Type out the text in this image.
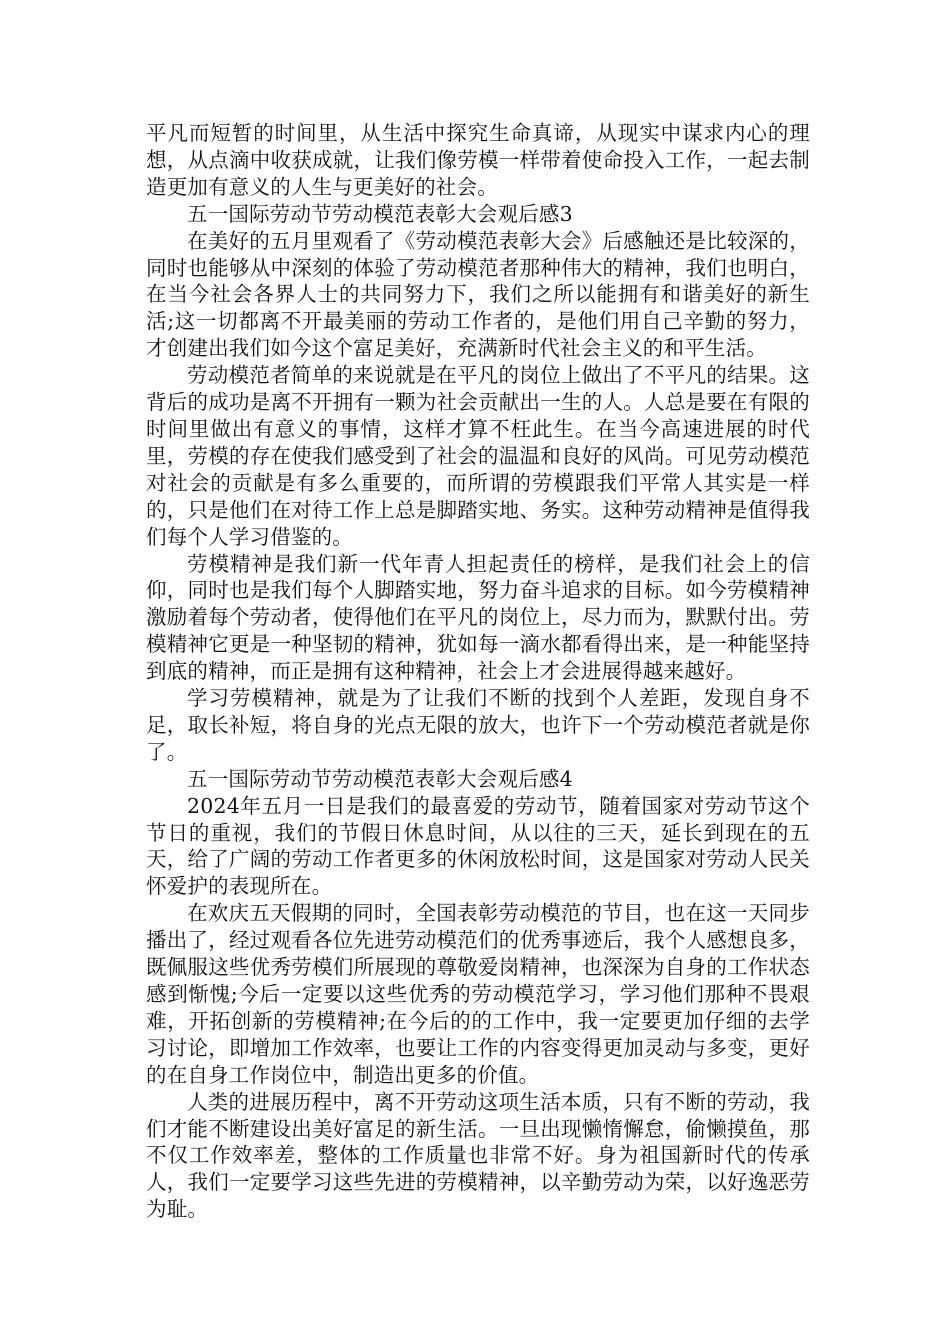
平凡而短暂的时间里，从生活中探究生命真谛，从现实中谋求内心的理想，从点滴中收获成就，让我们像劳模一样带着使命投入工作，一起去制造更加有意义的人生与更美好的社会。

五一国际劳动节劳动模范表彰大会观后感3

在美好的五月里观看了《劳动模范表彰大会》后感触还是比较深的，同时也能够从中深刻的体验了劳动模范者那种伟大的精神，我们也明白，在当今社会各界人士的共同努力下，我们之所以能拥有和谐美好的新生活;这一切都离不开最美丽的劳动工作者的，是他们用自己辛勤的努力，才创建出我们如今这个富足美好，充满新时代社会主义的和平生活。

劳动模范者简单的来说就是在平凡的岗位上做出了不平凡的结果。这背后的成功是离不开拥有一颗为社会贡献出一生的人。人总是要在有限的时间里做出有意义的事情，这样才算不枉此生。在当今高速进展的时代里，劳模的存在使我们感受到了社会的温温和良好的风尚。可见劳动模范对社会的贡献是有多么重要的，而所谓的劳模跟我们平常人其实是一样的，只是他们在对待工作上总是脚踏实地、务实。这种劳动精神是值得我们每个人学习借鉴的。

劳模精神是我们新一代年青人担起责任的榜样，是我们社会上的信仰，同时也是我们每个人脚踏实地，努力奋斗追求的目标。如今劳模精神激励着每个劳动者，使得他们在平凡的岗位上，尽力而为，默默付出。劳模精神它更是一种坚韧的精神，犹如每一滴水都看得出来，是一种能坚持到底的精神，而正是拥有这种精神，社会上才会进展得越来越好。

学习劳模精神，就是为了让我们不断的找到个人差距，发现自身不足，取长补短，将自身的光点无限的放大，也许下一个劳动模范者就是你了。

五一国际劳动节劳动模范表彰大会观后感4

2024年五月一日是我们的最喜爱的劳动节，随着国家对劳动节这个节日的重视，我们的节假日休息时间，从以往的三天，延长到现在的五天，给了广阔的劳动工作者更多的休闲放松时间，这是国家对劳动人民关怀爱护的表现所在。

在欢庆五天假期的同时，全国表彰劳动模范的节目，也在这一天同步播出了，经过观看各位先进劳动模范们的优秀事迹后，我个人感想良多，既佩服这些优秀劳模们所展现的尊敬爱岗精神，也深深为自身的工作状态感到惭愧;今后一定要以这些优秀的劳动模范学习，学习他们那种不畏艰难，开拓创新的劳模精神;在今后的的工作中，我一定要更加仔细的去学习讨论，即增加工作效率，也要让工作的内容变得更加灵动与多变，更好的在自身工作岗位中，制造出更多的价值。

人类的进展历程中，离不开劳动这项生活本质，只有不断的劳动，我们才能不断建设出美好富足的新生活。一旦出现懒惰懈怠，偷懒摸鱼，那不仅工作效率差，整体的工作质量也非常不好。身为祖国新时代的传承人，我们一定要学习这些先进的劳模精神，以辛勤劳动为荣，以好逸恶劳为耻。
